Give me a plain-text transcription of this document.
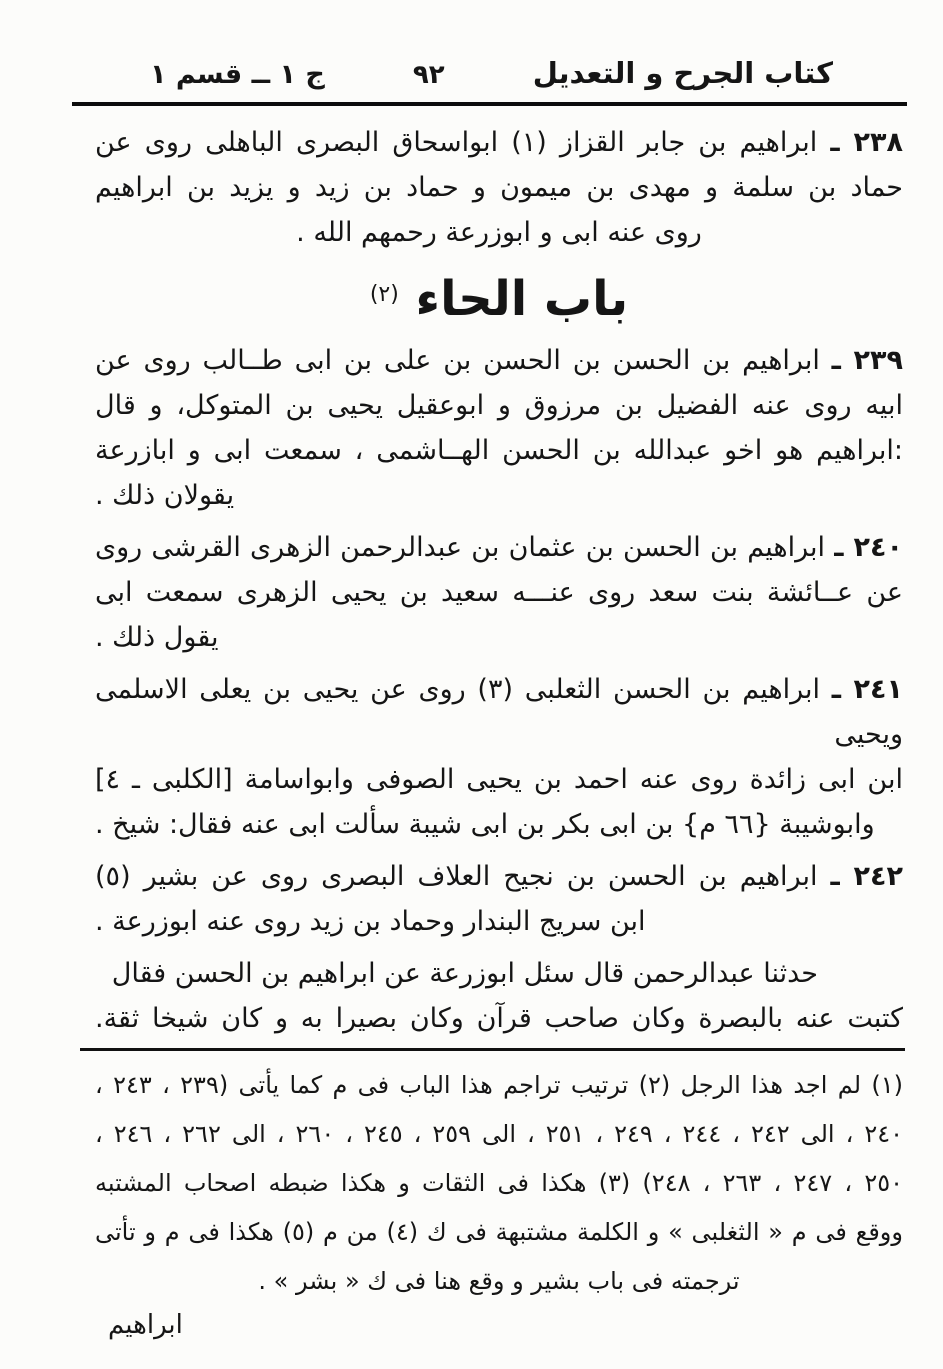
كتاب الجرح و التعديل
٩٢
ج ١ ــ قسم ١
٢٣٨ ـ ابراهيم بن جابر القزاز (١) ابواسحاق البصرى الباهلى روى عن
حماد بن سلمة و مهدى بن ميمون و حماد بن زيد و يزيد بن ابراهيم
روى عنه ابى و ابوزرعة رحمهم الله .
باب الحاء $^{(٢)}$
٢٣٩ ـ ابراهيم بن الحسن بن الحسن بن على بن ابى طــالب روى عن
ابيه روى عنه الفضيل بن مرزوق و ابوعقيل يحيى بن المتوكل، و قال
:ابراهيم هو اخو عبدالله بن الحسن الهــاشمى ، سمعت ابى و ابازرعة
يقولان ذلك .
٢٤٠ ـ ابراهيم بن الحسن بن عثمان بن عبدالرحمن الزهرى القرشى روى
عن عــائشة بنت سعد روى عنـــه سعيد بن يحيى الزهرى سمعت ابى
يقول ذلك .
٢٤١ ـ ابراهيم بن الحسن الثعلبى (٣) روى عن يحيى بن يعلى الاسلمى ويحيى
ابن ابى زائدة روى عنه احمد بن يحيى الصوفى وابواسامة [الكلبى ـ ٤]
وابوشيبة {٦٦ م} بن ابى بكر بن ابى شيبة سألت ابى عنه فقال: شيخ .
٢٤٢ ـ ابراهيم بن الحسن بن نجيح العلاف البصرى روى عن بشير (٥)
ابن سريج البندار وحماد بن زيد روى عنه ابوزرعة .
حدثنا عبدالرحمن قال سئل ابوزرعة عن ابراهيم بن الحسن فقال
كتبت عنه بالبصرة وكان صاحب قرآن وكان بصيرا به و كان شيخا ثقة.
(١) لم اجد هذا الرجل (٢) ترتيب تراجم هذا الباب فى م كما يأتى (٢٣٩ ، ٢٤٣ ،
٢٤٠ ، الى ٢٤٢ ، ٢٤٤ ، ٢٤٩ ، ٢٥١ ، الى ٢٥٩ ، ٢٤٥ ، ٢٦٠ ، الى ٢٦٢ ، ٢٤٦ ،
٢٥٠ ، ٢٤٧ ، ٢٦٣ ، ٢٤٨) (٣) هكذا فى الثقات و هكذا ضبطه اصحاب المشتبه
ووقع فى م « الثغلبى » و الكلمة مشتبهة فى ك (٤) من م (٥) هكذا فى م و تأتى
ترجمته فى باب بشير و وقع هنا فى ك « بشر » .
ابراهيم
